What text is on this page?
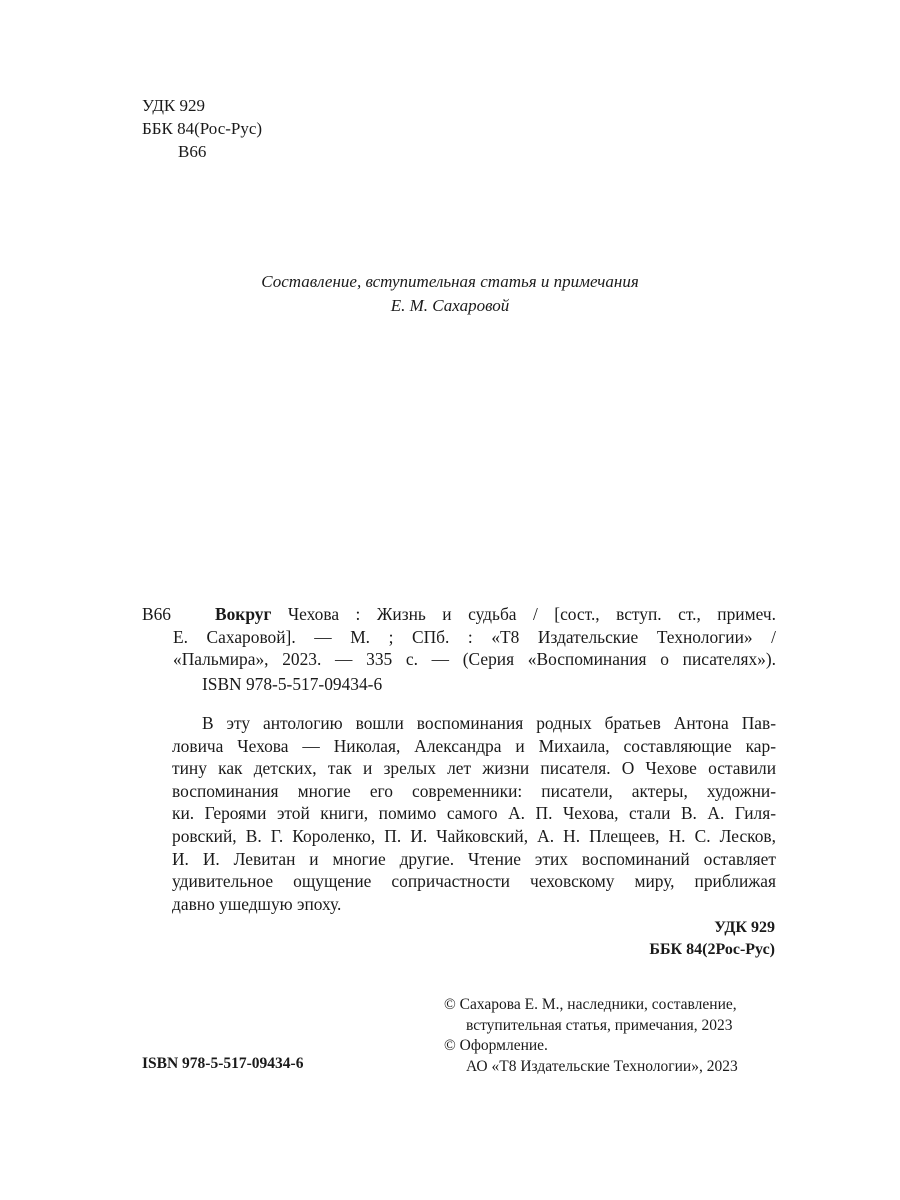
УДК 929
ББК 84(Рос-Рус)
В66
Составление, вступительная статья и примечания
Е. М. Сахаровой
В66	Вокруг Чехова : Жизнь и судьба / [сост., вступ. ст., примеч.
Е. Сахаровой]. — М. ; СПб. : «Т8 Издательские Технологии» /
«Пальмира», 2023. — 335 с. — (Серия «Воспоминания о писателях»).
ISBN 978-5-517-09434-6
В эту антологию вошли воспоминания родных братьев Антона Пав-
ловича Чехова — Николая, Александра и Михаила, составляющие кар-
тину как детских, так и зрелых лет жизни писателя. О Чехове оставили
воспоминания многие его современники: писатели, актеры, художни-
ки. Героями этой книги, помимо самого А. П. Чехова, стали В. А. Гиля-
ровский, В. Г. Короленко, П. И. Чайковский, А. Н. Плещеев, Н. С. Лесков,
И. И. Левитан и многие другие. Чтение этих воспоминаний оставляет
удивительное ощущение сопричастности чеховскому миру, приближая
давно ушедшую эпоху.
УДК 929
ББК 84(2Рос-Рус)
© Сахарова Е. М., наследники, составление,
вступительная статья, примечания, 2023
© Оформление.
АО «Т8 Издательские Технологии», 2023
ISBN 978-5-517-09434-6
